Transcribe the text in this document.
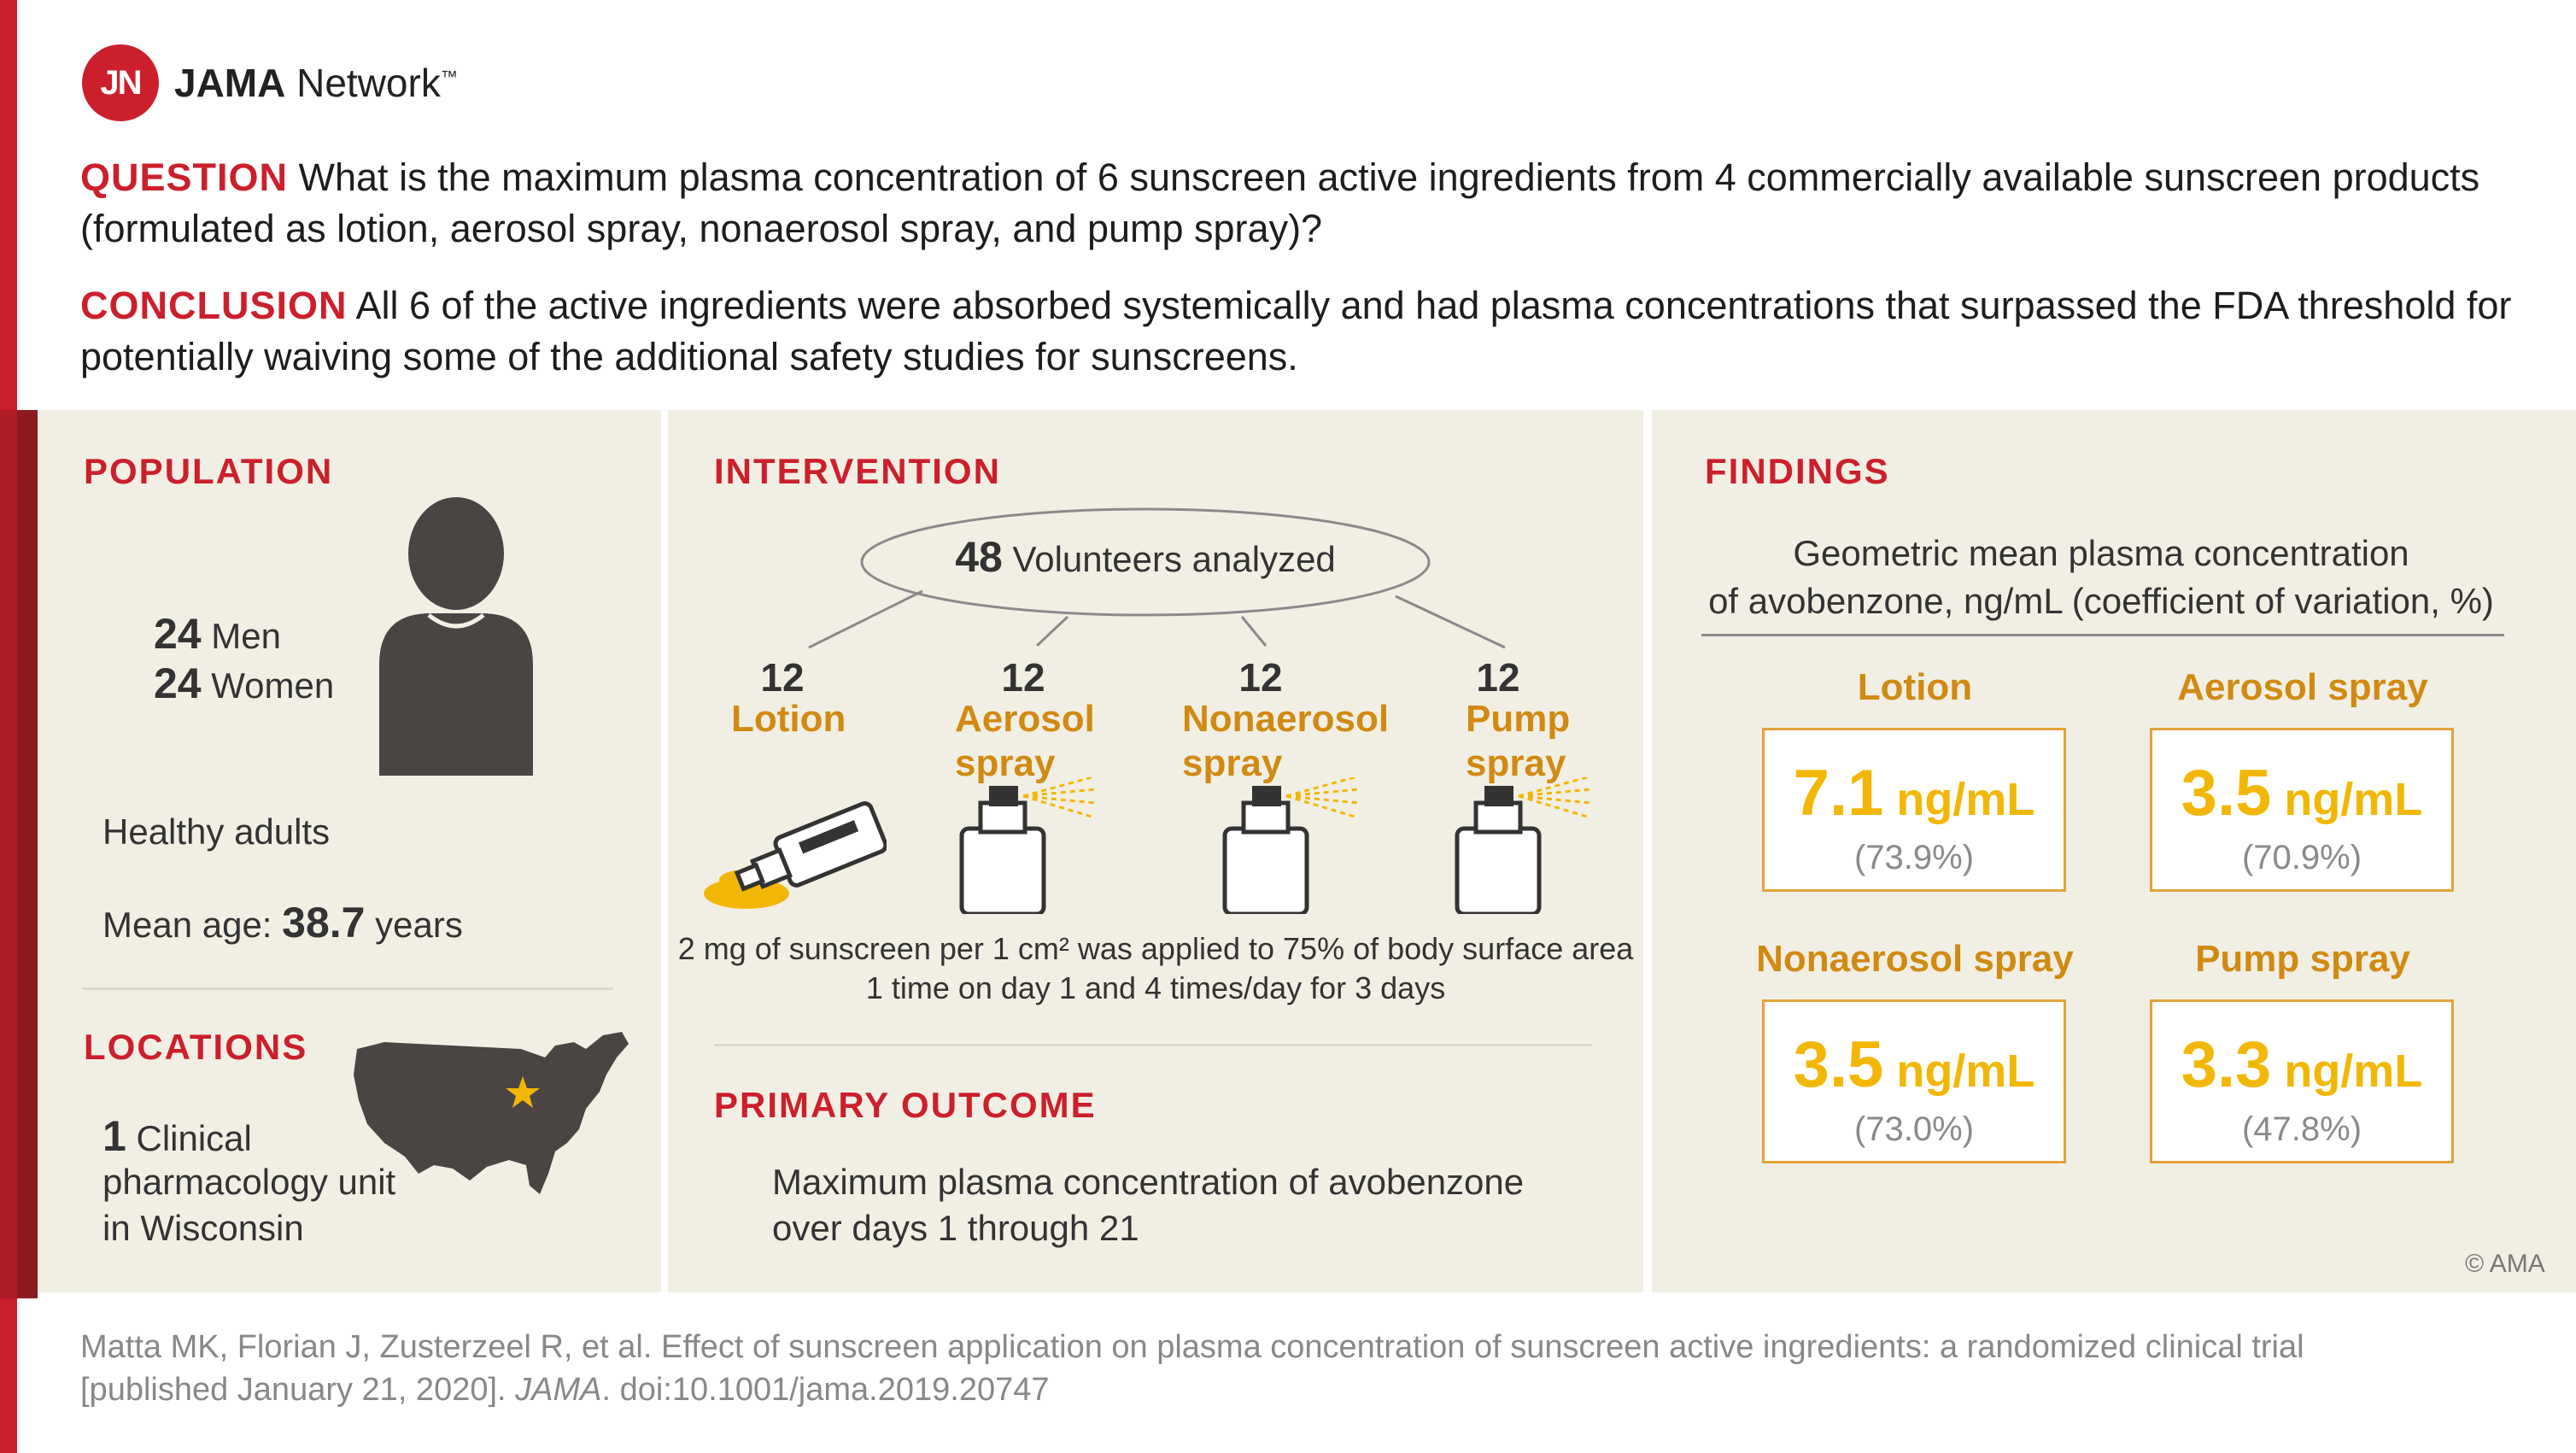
JN JAMA Network™
QUESTION What is the maximum plasma concentration of 6 sunscreen active ingredients from 4 commercially available sunscreen products (formulated as lotion, aerosol spray, nonaerosol spray, and pump spray)?
CONCLUSION All 6 of the active ingredients were absorbed systemically and had plasma concentrations that surpassed the FDA threshold for potentially waiving some of the additional safety studies for sunscreens.
POPULATION
24 Men
24 Women
Healthy adults
Mean age: 38.7 years
LOCATIONS
1 Clinical
pharmacology unit
in Wisconsin
INTERVENTION
48 Volunteers analyzed
12
Lotion
12
Aerosol
spray
12
Nonaerosol
spray
12
Pump
spray
2 mg of sunscreen per 1 cm² was applied to 75% of body surface area
1 time on day 1 and 4 times/day for 3 days
PRIMARY OUTCOME
Maximum plasma concentration of avobenzone
over days 1 through 21
FINDINGS
Geometric mean plasma concentration
of avobenzone, ng/mL (coefficient of variation, %)
Lotion
7.1 ng/mL
(73.9%)
Aerosol spray
3.5 ng/mL
(70.9%)
Nonaerosol spray
3.5 ng/mL
(73.0%)
Pump spray
3.3 ng/mL
(47.8%)
© AMA
Matta MK, Florian J, Zusterzeel R, et al. Effect of sunscreen application on plasma concentration of sunscreen active ingredients: a randomized clinical trial
[published January 21, 2020]. JAMA. doi:10.1001/jama.2019.20747
